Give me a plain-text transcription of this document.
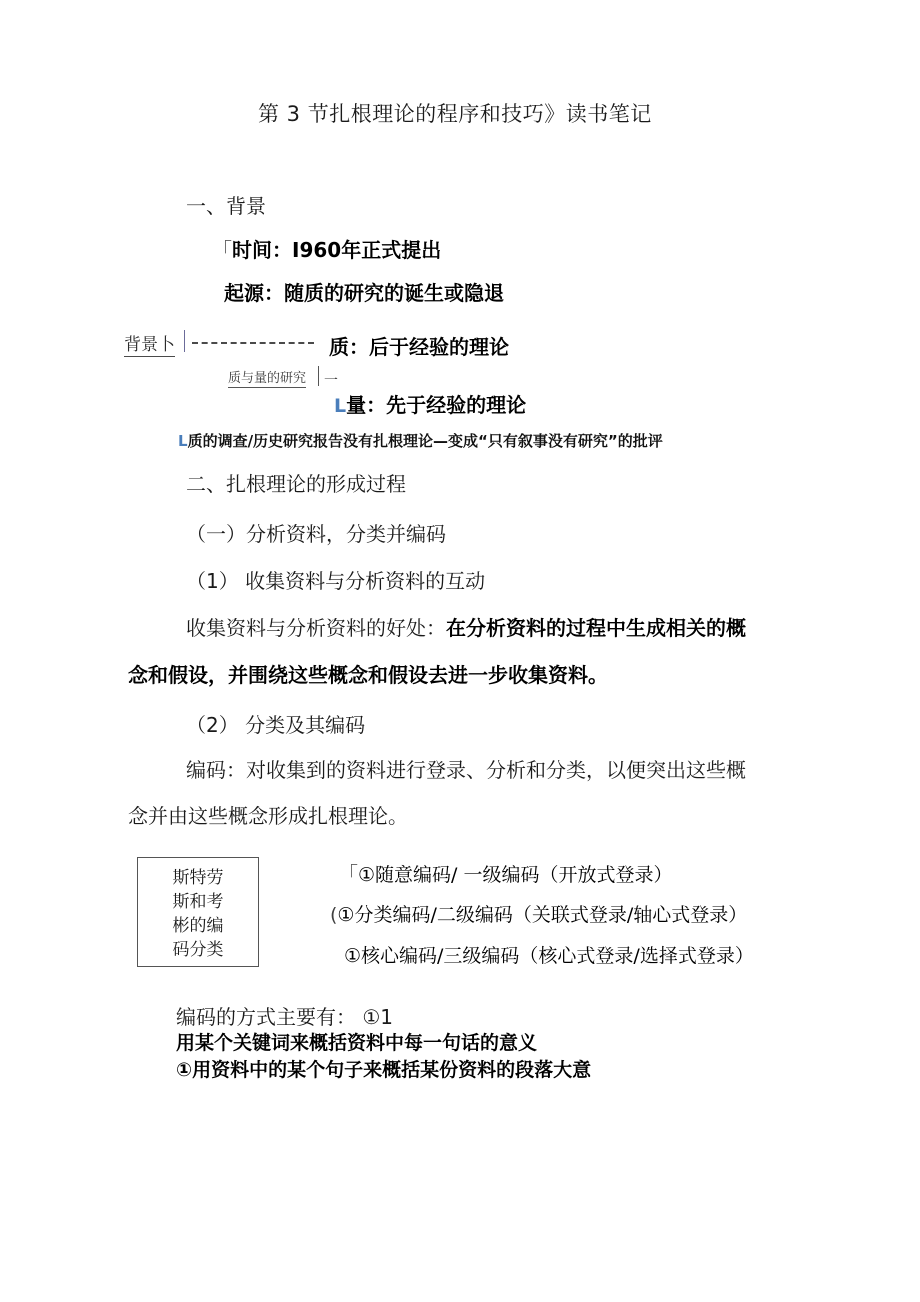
第 3 节扎根理论的程序和技巧》读书笔记
一、背景
「时间：I960年正式提出
起源：随质的研究的诞生或隐退
背景卜	质：后于经验的理论
质与量的研究 一
L量：先于经验的理论
L质的调查/历史研究报告没有扎根理论—变成“只有叙事没有研究”的批评
二、扎根理论的形成过程
（一）分析资料，分类并编码
（1） 收集资料与分析资料的互动
收集资料与分析资料的好处：在分析资料的过程中生成相关的概
念和假设，并围绕这些概念和假设去进一步收集资料。
（2） 分类及其编码
编码：对收集到的资料进行登录、分析和分类，以便突出这些概
念并由这些概念形成扎根理论。
斯特劳
斯和考
彬的编
码分类
「①随意编码/ 一级编码（开放式登录）
(①分类编码/二级编码（关联式登录/轴心式登录）
①核心编码/三级编码（核心式登录/选择式登录）
编码的方式主要有： ①1
用某个关键词来概括资料中每一句话的意义
①用资料中的某个句子来概括某份资料的段落大意
